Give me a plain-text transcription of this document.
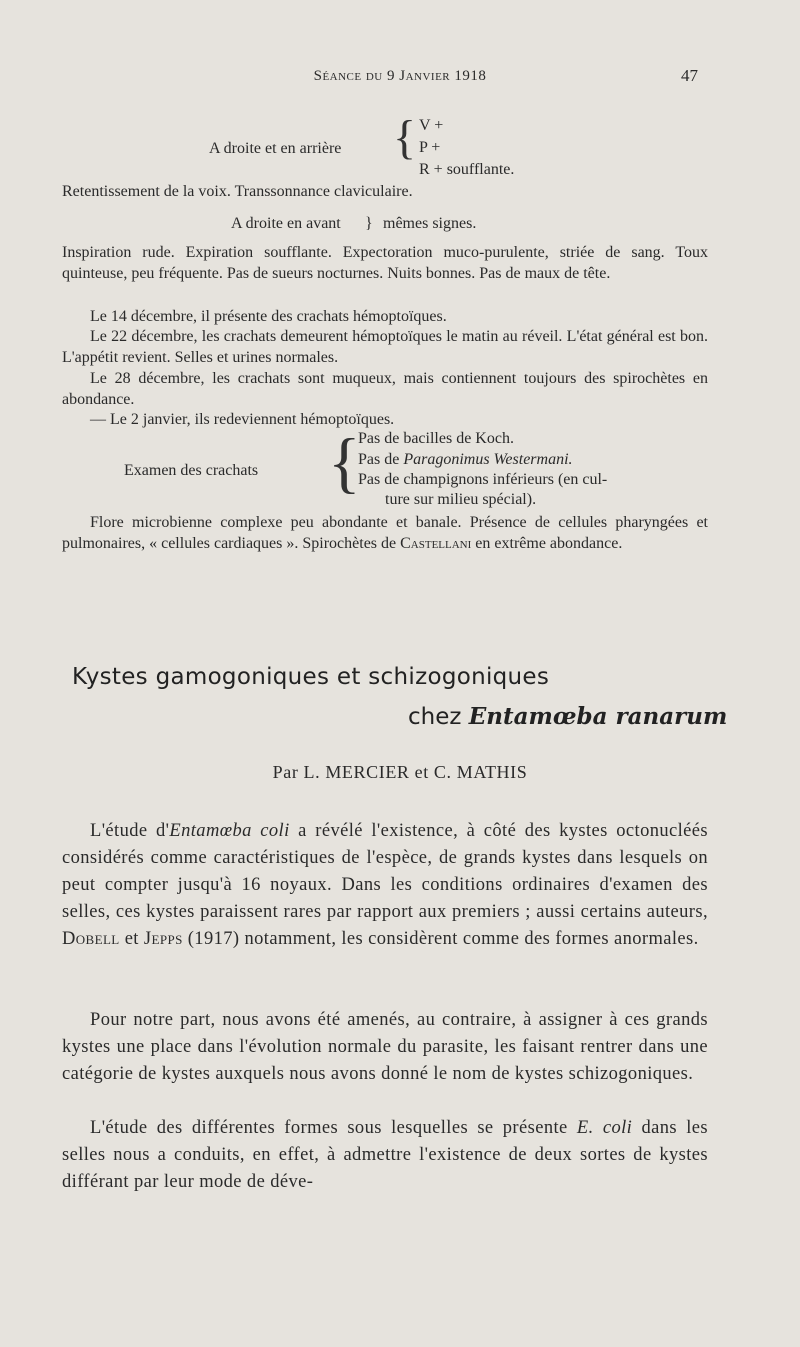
Séance du 9 Janvier 1918	47
A droite et en arrière { V +
P +
R + soufflante.
Retentissement de la voix. Transsonnance claviculaire.
A droite en avant } mêmes signes.
Inspiration rude. Expiration soufflante. Expectoration muco-purulente, striée de sang. Toux quinteuse, peu fréquente. Pas de sueurs nocturnes. Nuits bonnes. Pas de maux de tête.
Le 14 décembre, il présente des crachats hémoptoïques.
Le 22 décembre, les crachats demeurent hémoptoïques le matin au réveil. L'état général est bon. L'appétit revient. Selles et urines normales.
Le 28 décembre, les crachats sont muqueux, mais contiennent toujours des spirochètes en abondance.
— Le 2 janvier, ils redeviennent hémoptoïques.
Examen des crachats {
Pas de bacilles de Koch.
Pas de Paragonimus Westermani.
Pas de champignons inférieurs (en cul-
ture sur milieu spécial).
Flore microbienne complexe peu abondante et banale. Présence de cellules pharyngées et pulmonaires, « cellules cardiaques ». Spirochètes de Castellani en extrême abondance.
Kystes gamogoniques et schizogoniques
chez Entamœba ranarum
Par L. MERCIER et C. MATHIS
L'étude d'Entamœba coli a révélé l'existence, à côté des kystes octonucléés considérés comme caractéristiques de l'espèce, de grands kystes dans lesquels on peut compter jusqu'à 16 noyaux. Dans les conditions ordinaires d'examen des selles, ces kystes paraissent rares par rapport aux premiers ; aussi certains auteurs, Dobell et Jepps (1917) notamment, les considèrent comme des formes anormales.
Pour notre part, nous avons été amenés, au contraire, à assigner à ces grands kystes une place dans l'évolution normale du parasite, les faisant rentrer dans une catégorie de kystes auxquels nous avons donné le nom de kystes schizogoniques.
L'étude des différentes formes sous lesquelles se présente E. coli dans les selles nous a conduits, en effet, à admettre l'existence de deux sortes de kystes différant par leur mode de déve-
